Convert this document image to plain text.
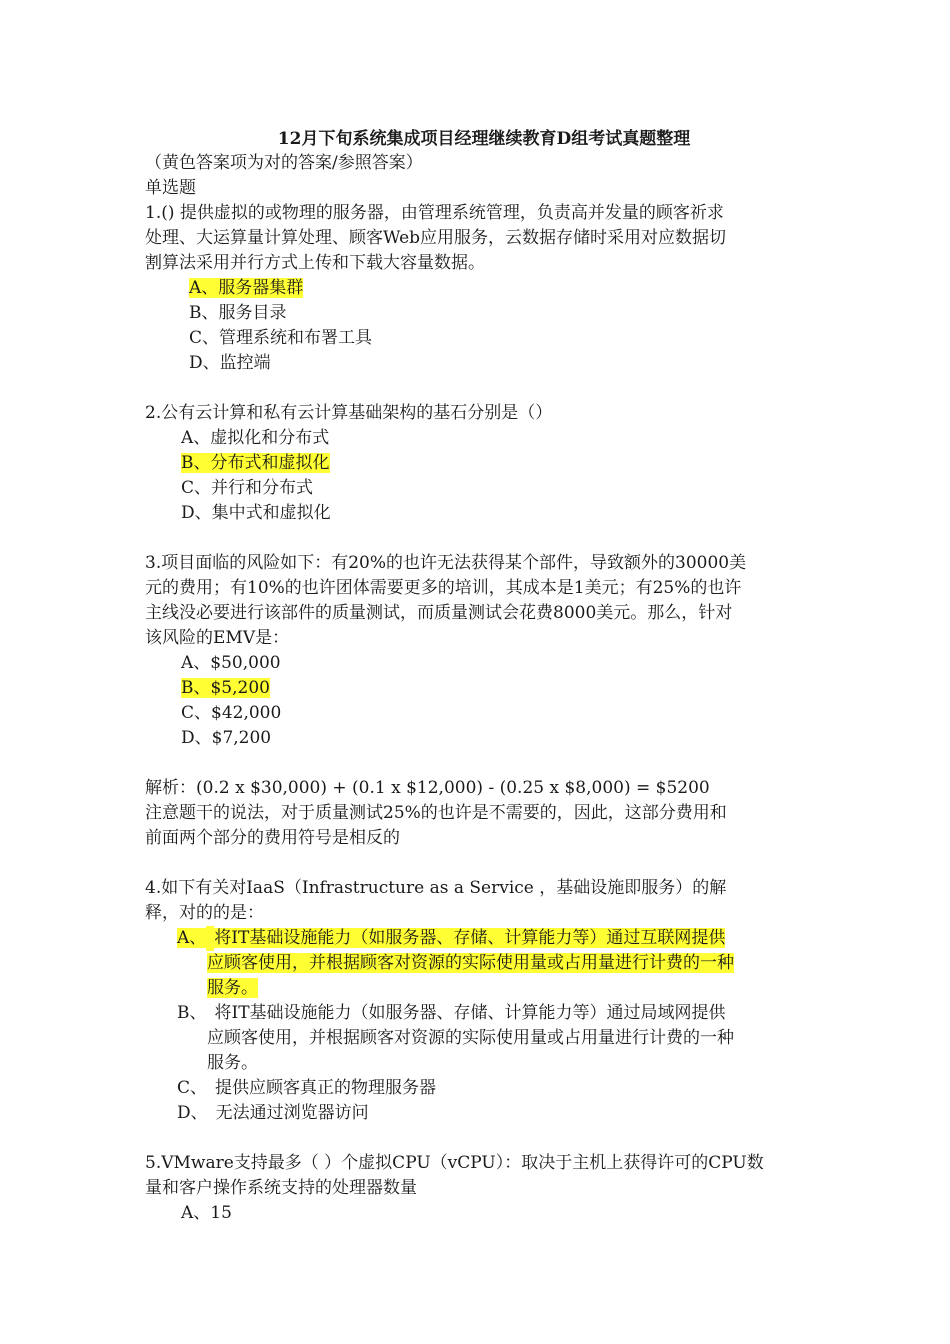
12月下旬系统集成项目经理继续教育D组考试真题整理
（黄色答案项为对的答案/参照答案）
单选题
1.() 提供虚拟的或物理的服务器，由管理系统管理，负责高并发量的顾客祈求
处理、大运算量计算处理、顾客Web应用服务，云数据存储时采用对应数据切
割算法采用并行方式上传和下载大容量数据。
A、服务器集群
B、服务目录
C、管理系统和布署工具
D、监控端
2.公有云计算和私有云计算基础架构的基石分别是（）
A、虚拟化和分布式
B、分布式和虚拟化
C、并行和分布式
D、集中式和虚拟化
3.项目面临的风险如下：有20%的也许无法获得某个部件，导致额外的30000美
元的费用；有10%的也许团体需要更多的培训，其成本是1美元；有25%的也许
主线没必要进行该部件的质量测试，而质量测试会花费8000美元。那么，针对
该风险的EMV是：
A、$50,000
B、$5,200
C、$42,000
D、$7,200
解析：(0.2 x $30,000) + (0.1 x $12,000) - (0.25 x $8,000) = $5200
注意题干的说法，对于质量测试25%的也许是不需要的，因此，这部分费用和
前面两个部分的费用符号是相反的
4.如下有关对IaaS（Infrastructure as a Service ，基础设施即服务）的解
释，对的的是：
A、 将IT基础设施能力（如服务器、存储、计算能力等）通过互联网提供
应顾客使用，并根据顾客对资源的实际使用量或占用量进行计费的一种
服务。
B、 将IT基础设施能力（如服务器、存储、计算能力等）通过局域网提供
应顾客使用，并根据顾客对资源的实际使用量或占用量进行计费的一种
服务。
C、 提供应顾客真正的物理服务器
D、 无法通过浏览器访问
5.VMware支持最多（ ）个虚拟CPU（vCPU）：取决于主机上获得许可的CPU数
量和客户操作系统支持的处理器数量
A、15
